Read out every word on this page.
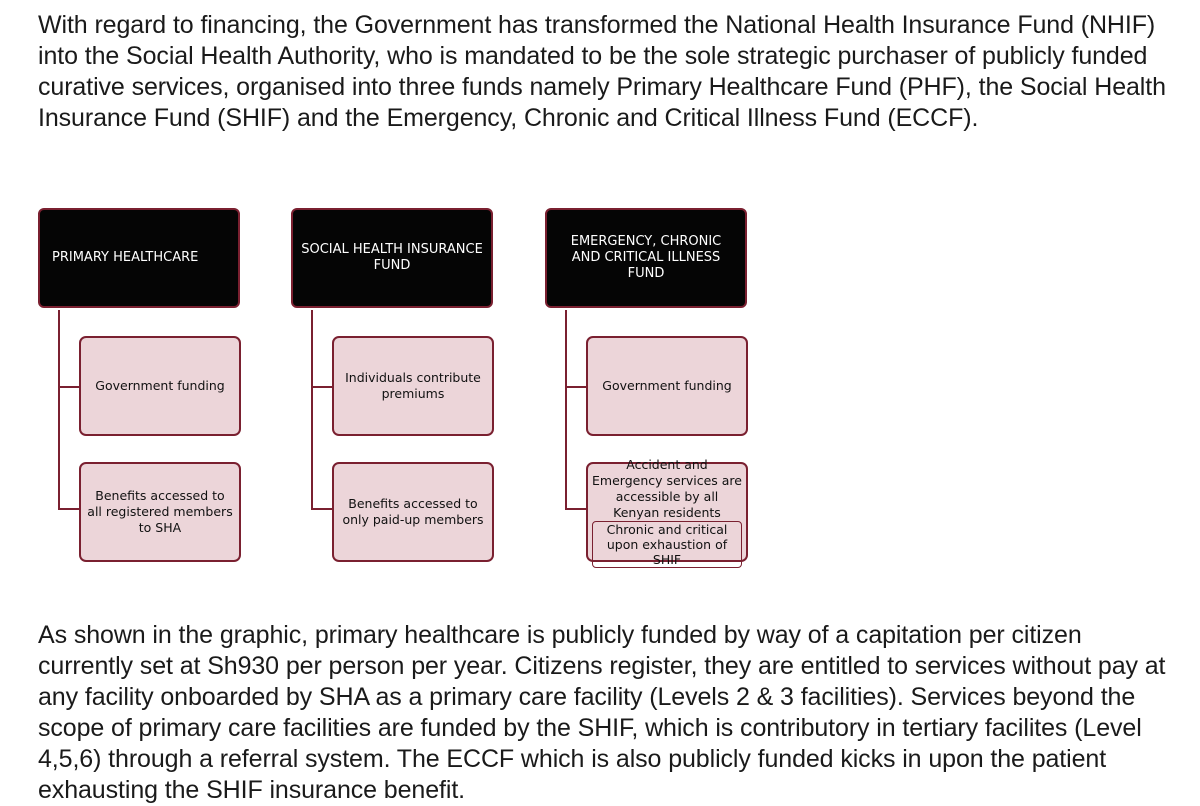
With regard to financing, the Government has transformed the National Health Insurance Fund (NHIF) into the Social Health Authority, who is mandated to be the sole strategic purchaser of publicly funded curative services, organised into three funds namely Primary Healthcare Fund (PHF), the Social Health Insurance Fund (SHIF) and the Emergency, Chronic and Critical Illness Fund (ECCF).

PRIMARY HEALTHCARE
Government funding
Benefits accessed to all registered members to SHA
SOCIAL HEALTH INSURANCE FUND
Individuals contribute premiums
Benefits accessed to only paid-up members
EMERGENCY, CHRONIC AND CRITICAL ILLNESS FUND
Government funding
Accident and Emergency services are accessible by all Kenyan residents
Chronic and critical upon exhaustion of SHIF

As shown in the graphic, primary healthcare is publicly funded by way of a capitation per citizen currently set at Sh930 per person per year. Citizens register, they are entitled to services without pay at any facility onboarded by SHA as a primary care facility (Levels 2 & 3 facilities). Services beyond the scope of primary care facilities are funded by the SHIF, which is contributory in tertiary facilites (Level 4,5,6) through a referral system. The ECCF which is also publicly funded kicks in upon the patient exhausting the SHIF insurance benefit.
